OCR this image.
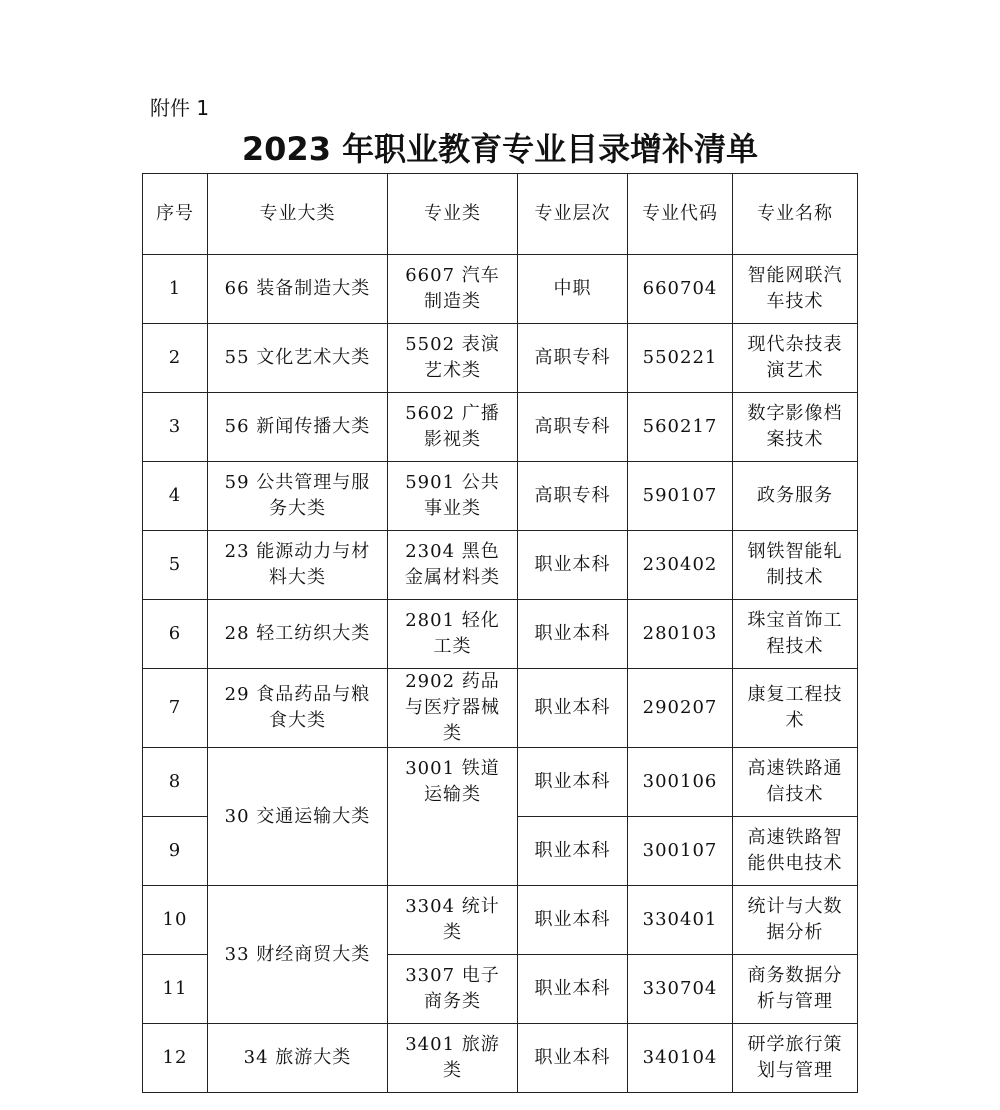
附件 1
2023 年职业教育专业目录增补清单
序号	专业大类	专业类	专业层次	专业代码	专业名称
1	66 装备制造大类	6607 汽车制造类	中职	660704	智能网联汽车技术
2	55 文化艺术大类	5502 表演艺术类	高职专科	550221	现代杂技表演艺术
3	56 新闻传播大类	5602 广播影视类	高职专科	560217	数字影像档案技术
4	59 公共管理与服务大类	5901 公共事业类	高职专科	590107	政务服务
5	23 能源动力与材料大类	2304 黑色金属材料类	职业本科	230402	钢铁智能轧制技术
6	28 轻工纺织大类	2801 轻化工类	职业本科	280103	珠宝首饰工程技术
7	29 食品药品与粮食大类	2902 药品与医疗器械类	职业本科	290207	康复工程技术
8	30 交通运输大类	3001 铁道运输类	职业本科	300106	高速铁路通信技术
9			职业本科	300107	高速铁路智能供电技术
10	33 财经商贸大类	3304 统计类	职业本科	330401	统计与大数据分析
11		3307 电子商务类	职业本科	330704	商务数据分析与管理
12	34 旅游大类	3401 旅游类	职业本科	340104	研学旅行策划与管理
